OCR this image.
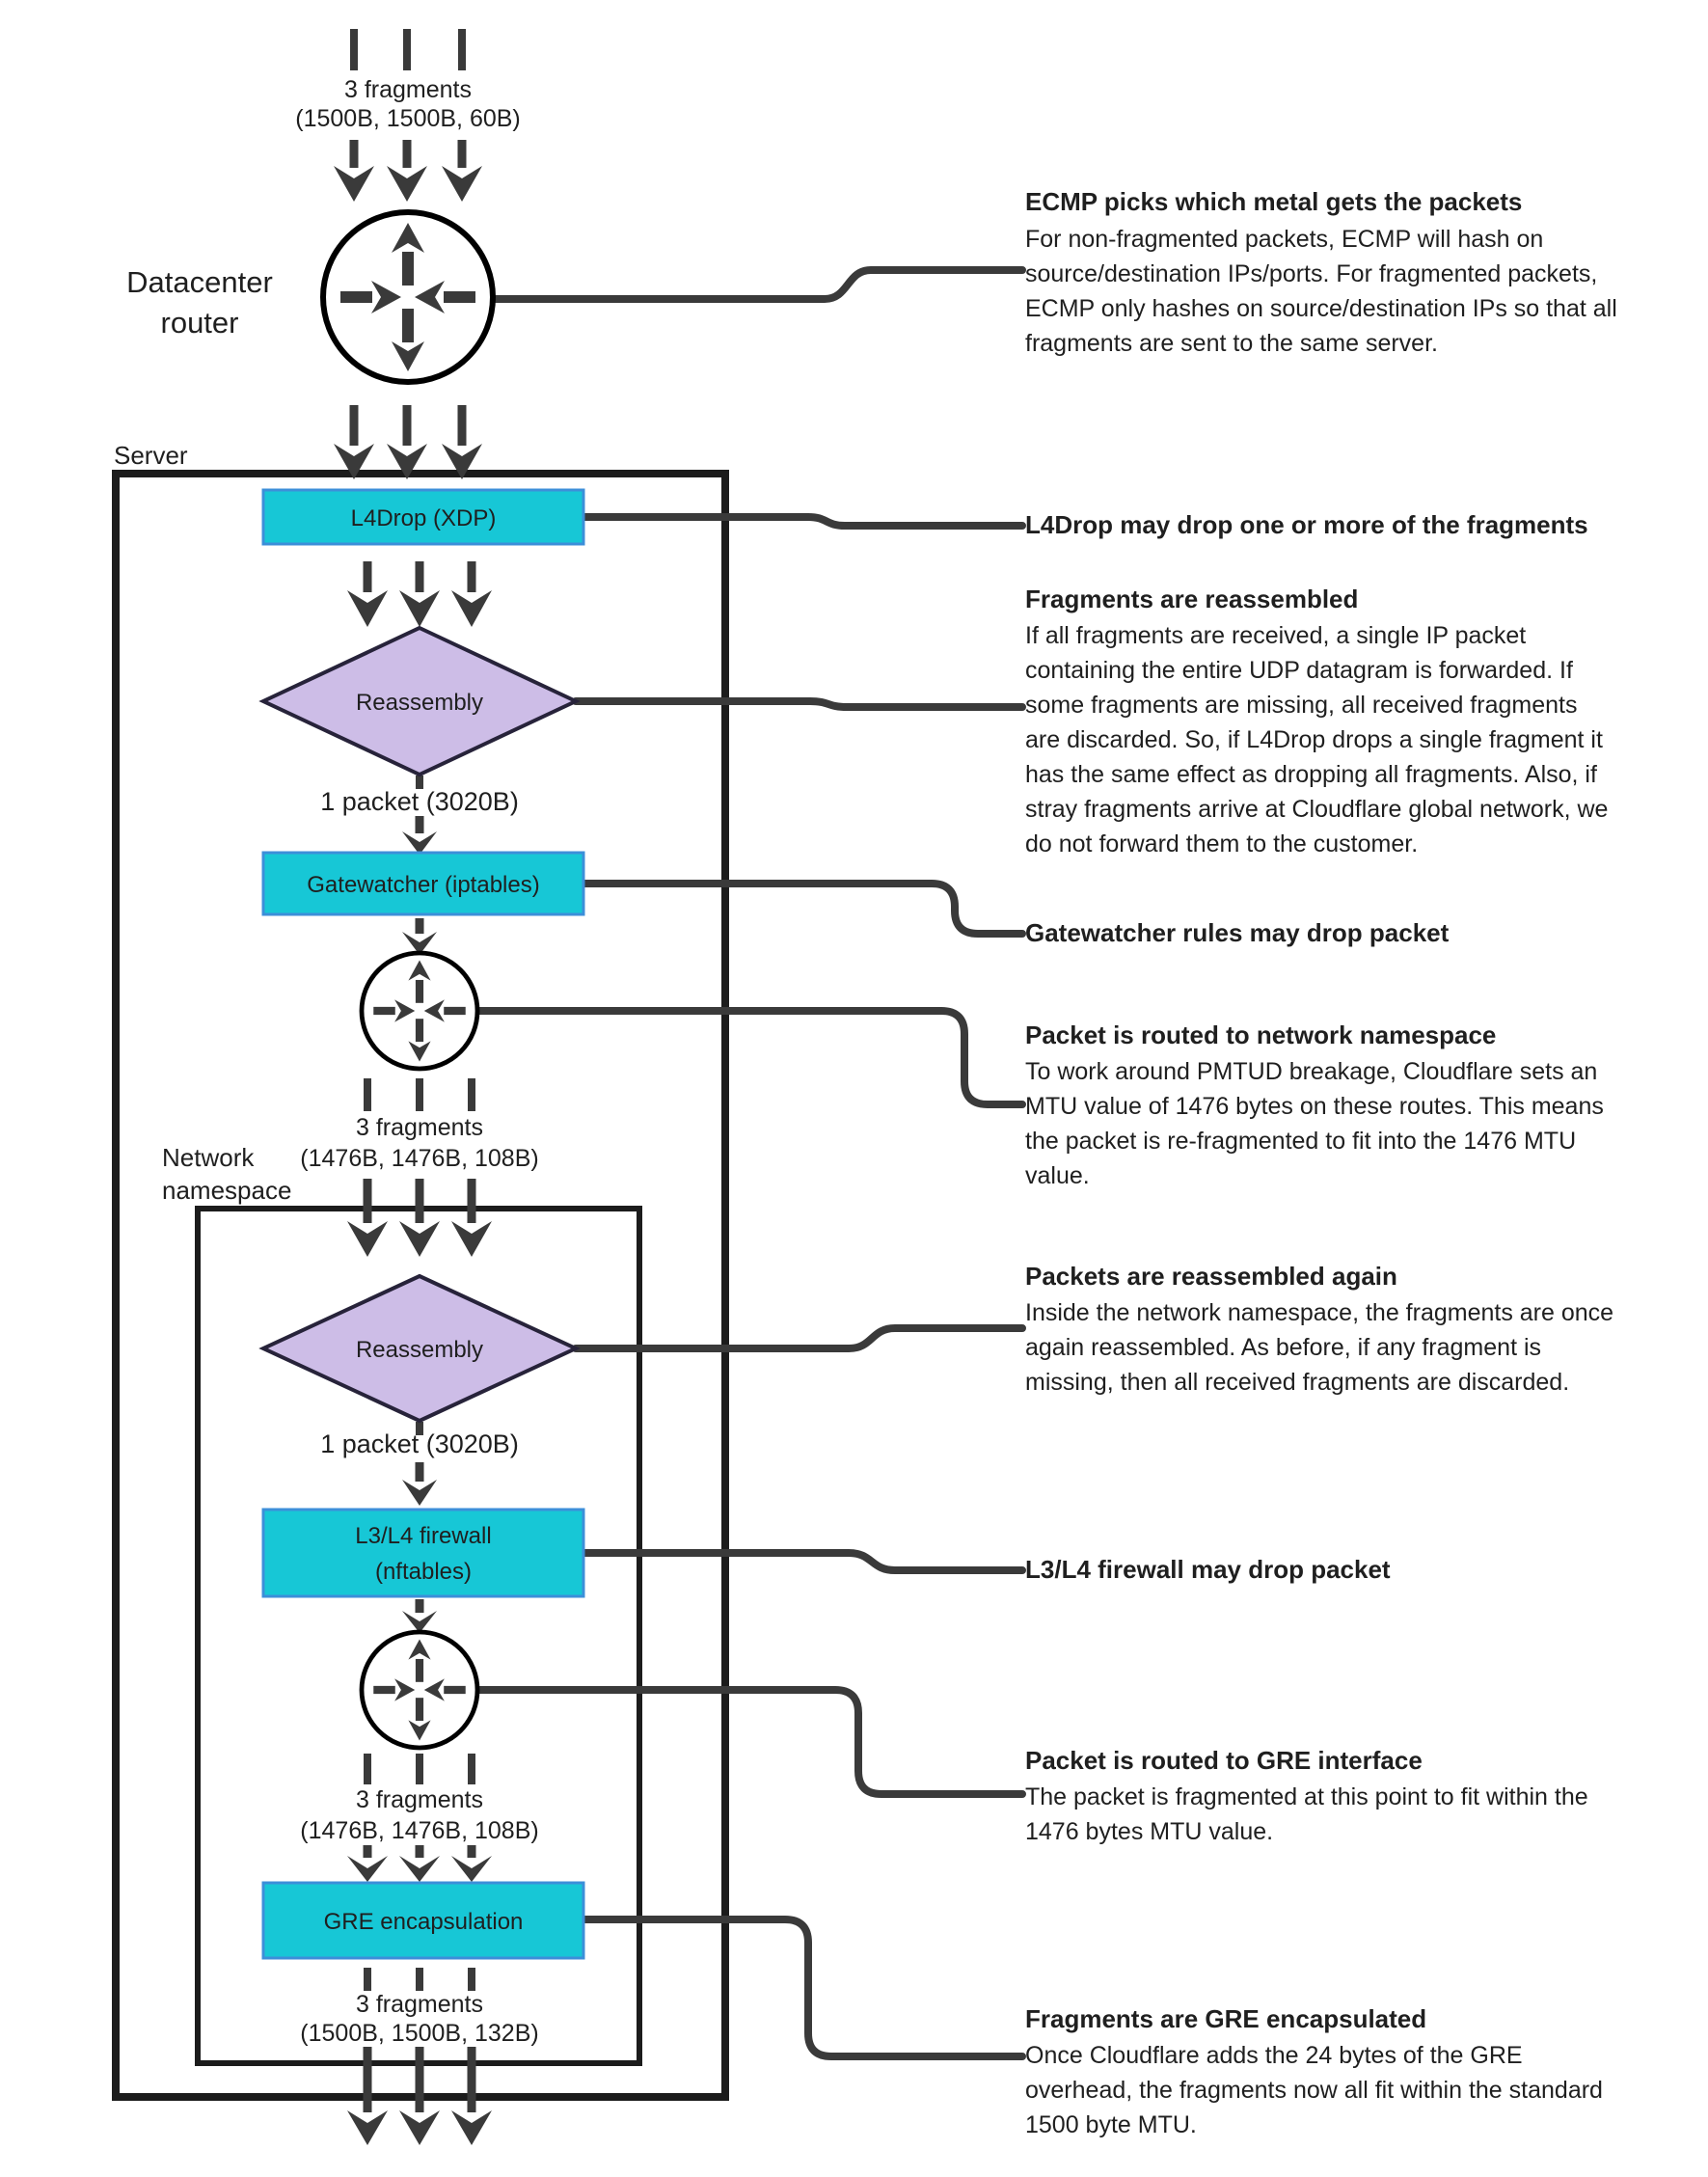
3 fragments
(1500B, 1500B, 60B)
Datacenter
router
Server
L4Drop (XDP)
Reassembly
1 packet (3020B)
Gatewatcher (iptables)
3 fragments
(1476B, 1476B, 108B)
Network
namespace
Reassembly
1 packet (3020B)
L3/L4 firewall
(nftables)
3 fragments
(1476B, 1476B, 108B)
GRE encapsulation
3 fragments
(1500B, 1500B, 132B)
ECMP picks which metal gets the packets
For non-fragmented packets, ECMP will hash on
source/destination IPs/ports. For fragmented packets,
ECMP only hashes on source/destination IPs so that all
fragments are sent to the same server.
L4Drop may drop one or more of the fragments
Fragments are reassembled
If all fragments are received, a single IP packet
containing the entire UDP datagram is forwarded. If
some fragments are missing, all received fragments
are discarded. So, if L4Drop drops a single fragment it
has the same effect as dropping all fragments. Also, if
stray fragments arrive at Cloudflare global network, we
do not forward them to the customer.
Gatewatcher rules may drop packet
Packet is routed to network namespace
To work around PMTUD breakage, Cloudflare sets an
MTU value of 1476 bytes on these routes. This means
the packet is re-fragmented to fit into the 1476 MTU
value.
Packets are reassembled again
Inside the network namespace, the fragments are once
again reassembled. As before, if any fragment is
missing, then all received fragments are discarded.
L3/L4 firewall may drop packet
Packet is routed to GRE interface
The packet is fragmented at this point to fit within the
1476 bytes MTU value.
Fragments are GRE encapsulated
Once Cloudflare adds the 24 bytes of the GRE
overhead, the fragments now all fit within the standard
1500 byte MTU.
